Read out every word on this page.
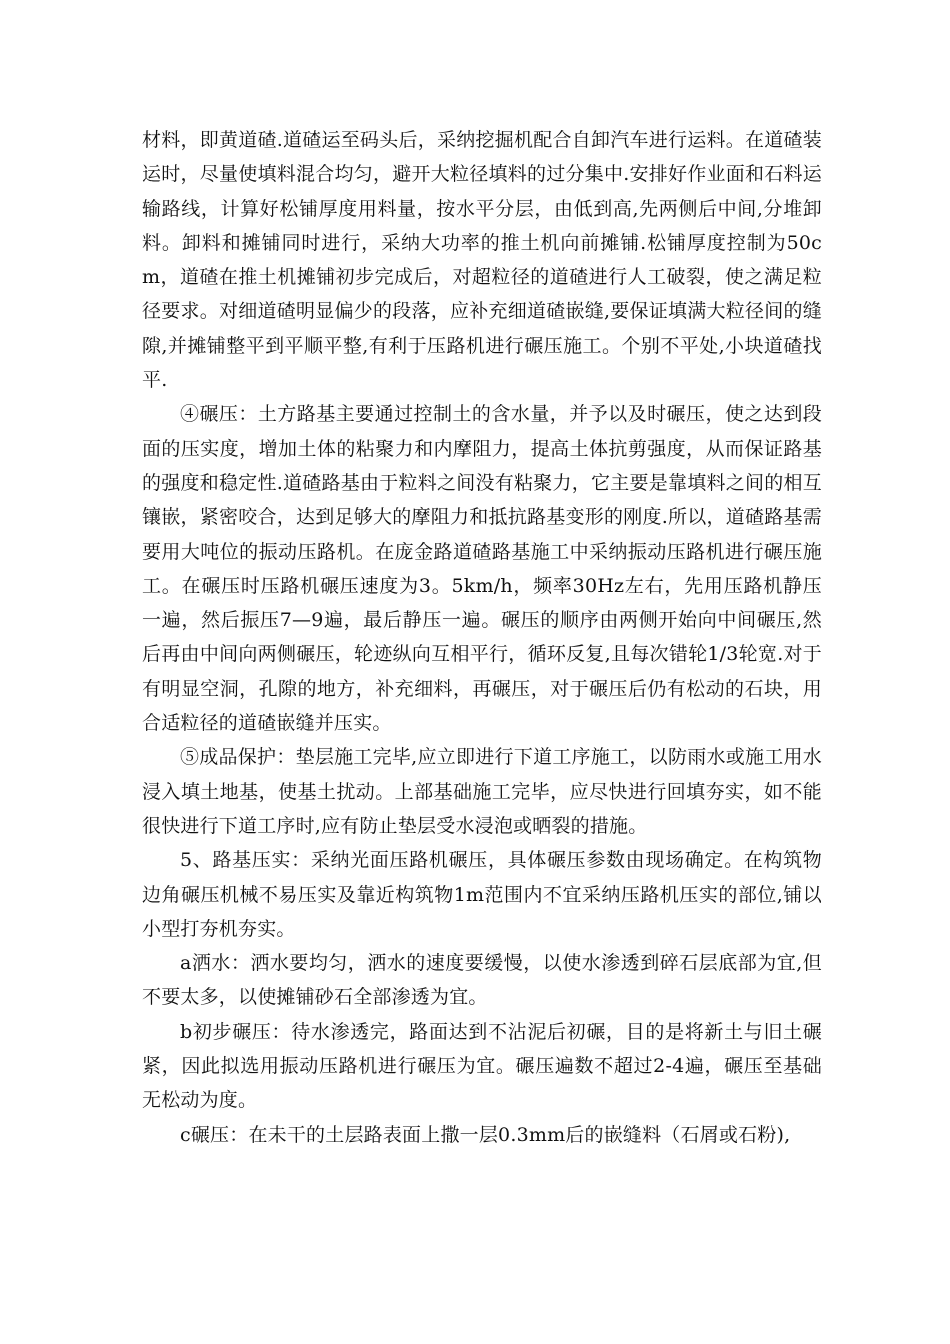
材料，即黄道碴.道碴运至码头后，采纳挖掘机配合自卸汽车进行运料。在道碴装运时，尽量使填料混合均匀，避开大粒径填料的过分集中.安排好作业面和石料运输路线，计算好松铺厚度用料量，按水平分层，由低到高,先两侧后中间,分堆卸料。卸料和摊铺同时进行，采纳大功率的推土机向前摊铺.松铺厚度控制为50cm，道碴在推土机摊铺初步完成后，对超粒径的道碴进行人工破裂，使之满足粒径要求。对细道碴明显偏少的段落，应补充细道碴嵌缝,要保证填满大粒径间的缝隙,并摊铺整平到平顺平整,有利于压路机进行碾压施工。个别不平处,小块道碴找平.

④碾压：土方路基主要通过控制土的含水量，并予以及时碾压，使之达到段面的压实度，增加土体的粘聚力和内摩阻力，提高土体抗剪强度，从而保证路基的强度和稳定性.道碴路基由于粒料之间没有粘聚力，它主要是靠填料之间的相互镶嵌，紧密咬合，达到足够大的摩阻力和抵抗路基变形的刚度.所以，道碴路基需要用大吨位的振动压路机。在庞金路道碴路基施工中采纳振动压路机进行碾压施工。在碾压时压路机碾压速度为3。5km/h，频率30Hz左右，先用压路机静压一遍，然后振压7—9遍，最后静压一遍。碾压的顺序由两侧开始向中间碾压,然后再由中间向两侧碾压，轮迹纵向互相平行，循环反复,且每次错轮1/3轮宽.对于有明显空洞，孔隙的地方，补充细料，再碾压，对于碾压后仍有松动的石块，用合适粒径的道碴嵌缝并压实。

⑤成品保护：垫层施工完毕,应立即进行下道工序施工，以防雨水或施工用水浸入填土地基，使基土扰动。上部基础施工完毕，应尽快进行回填夯实，如不能很快进行下道工序时,应有防止垫层受水浸泡或晒裂的措施。

5、路基压实：采纳光面压路机碾压，具体碾压参数由现场确定。在构筑物边角碾压机械不易压实及靠近构筑物1m范围内不宜采纳压路机压实的部位,铺以小型打夯机夯实。

a洒水：洒水要均匀，洒水的速度要缓慢，以使水渗透到碎石层底部为宜,但不要太多，以使摊铺砂石全部渗透为宜。

b初步碾压：待水渗透完，路面达到不沾泥后初碾，目的是将新土与旧土碾紧，因此拟选用振动压路机进行碾压为宜。碾压遍数不超过2-4遍，碾压至基础无松动为度。

c碾压：在未干的土层路表面上撒一层0.3mm后的嵌缝料（石屑或石粉),
